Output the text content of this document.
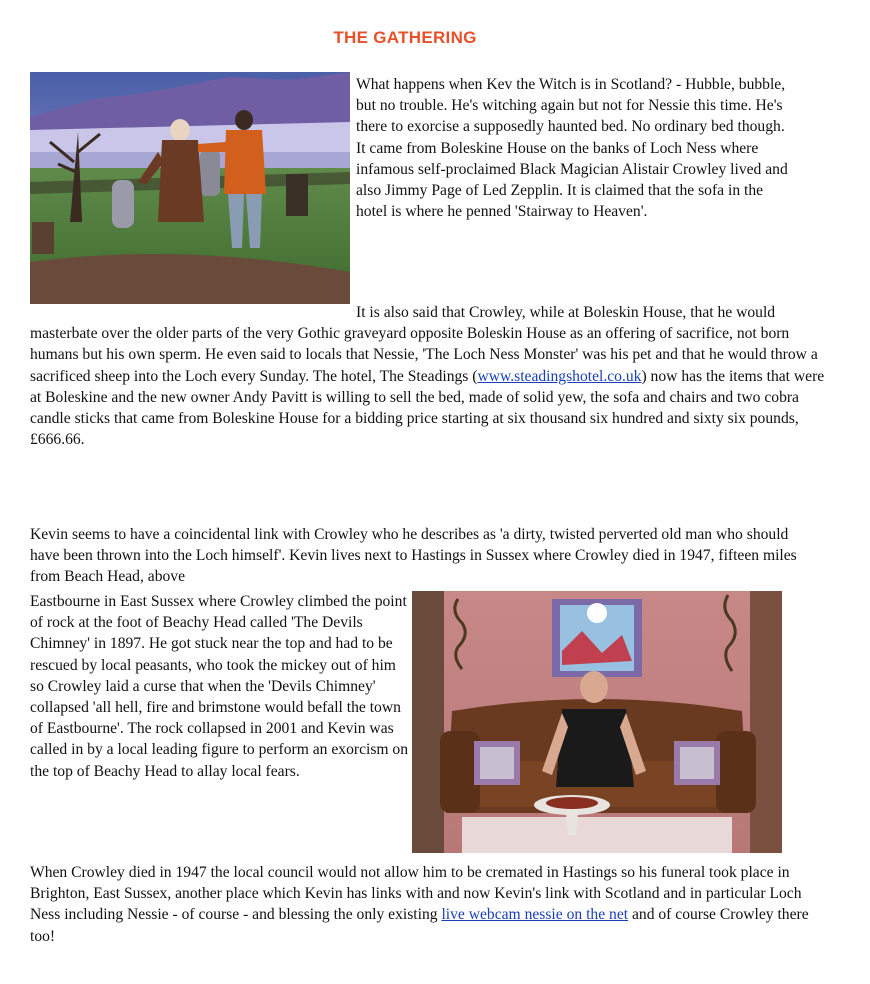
THE GATHERING

What happens when Kev the Witch is in Scotland? - Hubble, bubble, but no trouble. He's witching again but not for Nessie this time. He's there to exorcise a supposedly haunted bed. No ordinary bed though. It came from Boleskine House on the banks of Loch Ness where infamous self-proclaimed Black Magician Alistair Crowley lived and also Jimmy Page of Led Zepplin. It is claimed that the sofa in the hotel is where he penned 'Stairway to Heaven'.

It is also said that Crowley, while at Boleskin House, that he would masterbate over the older parts of the very Gothic graveyard opposite Boleskin House as an offering of sacrifice, not born humans but his own sperm. He even said to locals that Nessie, 'The Loch Ness Monster' was his pet and that he would throw a sacrificed sheep into the Loch every Sunday. The hotel, The Steadings (www.steadingshotel.co.uk) now has the items that were at Boleskine and the new owner Andy Pavitt is willing to sell the bed, made of solid yew, the sofa and chairs and two cobra candle sticks that came from Boleskine House for a bidding price starting at six thousand six hundred and sixty six pounds, £666.66.

Kevin seems to have a coincidental link with Crowley who he describes as 'a dirty, twisted perverted old man who should have been thrown into the Loch himself'. Kevin lives next to Hastings in Sussex where Crowley died in 1947, fifteen miles from Beach Head, above

Eastbourne in East Sussex where Crowley climbed the point of rock at the foot of Beachy Head called 'The Devils Chimney' in 1897. He got stuck near the top and had to be rescued by local peasants, who took the mickey out of him so Crowley laid a curse that when the 'Devils Chimney' collapsed 'all hell, fire and brimstone would befall the town of Eastbourne'. The rock collapsed in 2001 and Kevin was called in by a local leading figure to perform an exorcism on the top of Beachy Head to allay local fears.

When Crowley died in 1947 the local council would not allow him to be cremated in Hastings so his funeral took place in Brighton, East Sussex, another place which Kevin has links with and now Kevin's link with Scotland and in particular Loch Ness including Nessie - of course - and blessing the only existing live webcam nessie on the net and of course Crowley there too!
